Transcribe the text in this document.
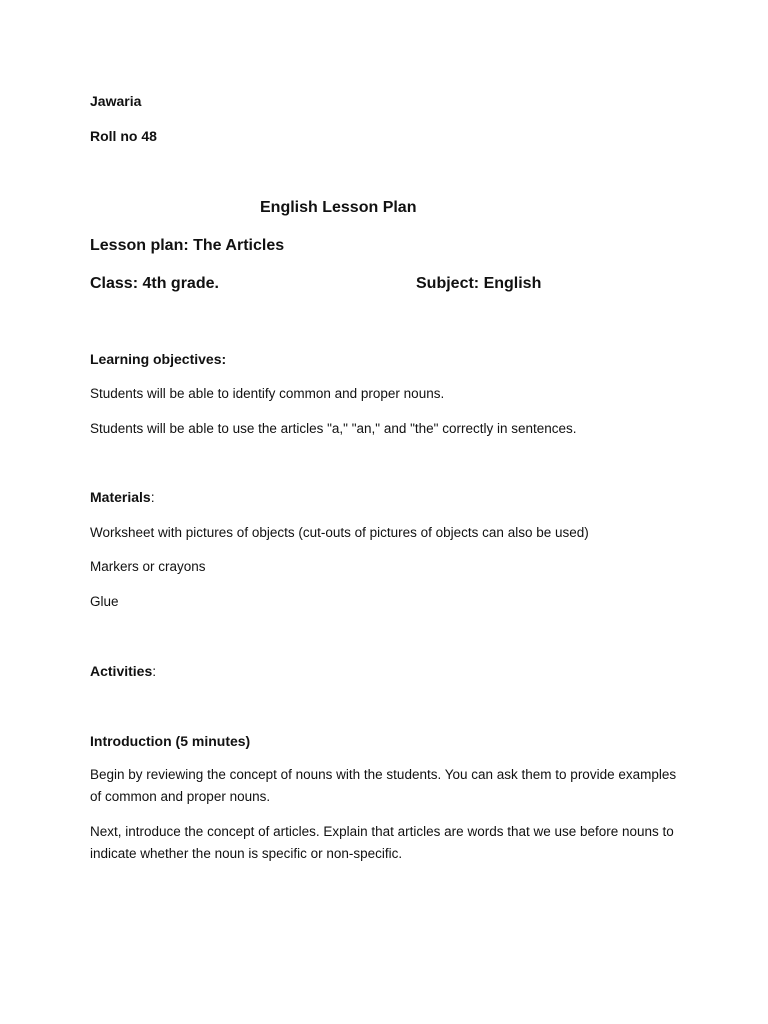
Jawaria
Roll no 48
English Lesson Plan
Lesson plan: The Articles
Class: 4th grade.	Subject: English
Learning objectives:
Students will be able to identify common and proper nouns.
Students will be able to use the articles "a," "an," and "the" correctly in sentences.
Materials:
Worksheet with pictures of objects (cut-outs of pictures of objects can also be used)
Markers or crayons
Glue
Activities:
Introduction (5 minutes)
Begin by reviewing the concept of nouns with the students. You can ask them to provide examples of common and proper nouns.
Next, introduce the concept of articles. Explain that articles are words that we use before nouns to indicate whether the noun is specific or non-specific.
